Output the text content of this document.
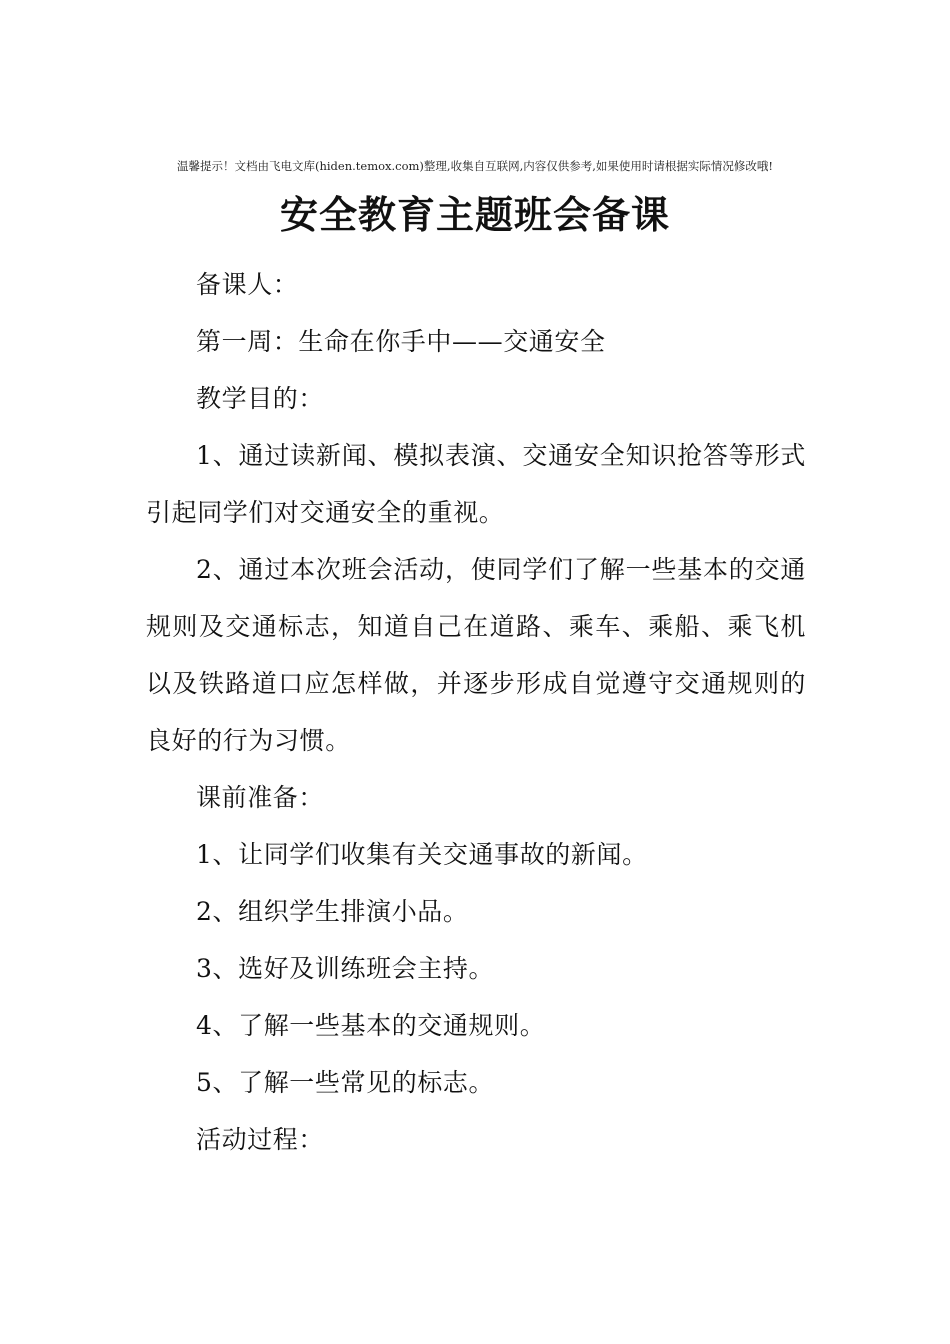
温馨提示！文档由飞电文库(hiden.temox.com)整理,收集自互联网,内容仅供参考,如果使用时请根据实际情况修改哦!
安全教育主题班会备课

备课人：

第一周：生命在你手中——交通安全

教学目的：

1、通过读新闻、模拟表演、交通安全知识抢答等形式引起同学们对交通安全的重视。

2、通过本次班会活动，使同学们了解一些基本的交通规则及交通标志，知道自己在道路、乘车、乘船、乘飞机以及铁路道口应怎样做，并逐步形成自觉遵守交通规则的良好的行为习惯。

课前准备：

1、让同学们收集有关交通事故的新闻。

2、组织学生排演小品。

3、选好及训练班会主持。

4、了解一些基本的交通规则。

5、了解一些常见的标志。

活动过程：
